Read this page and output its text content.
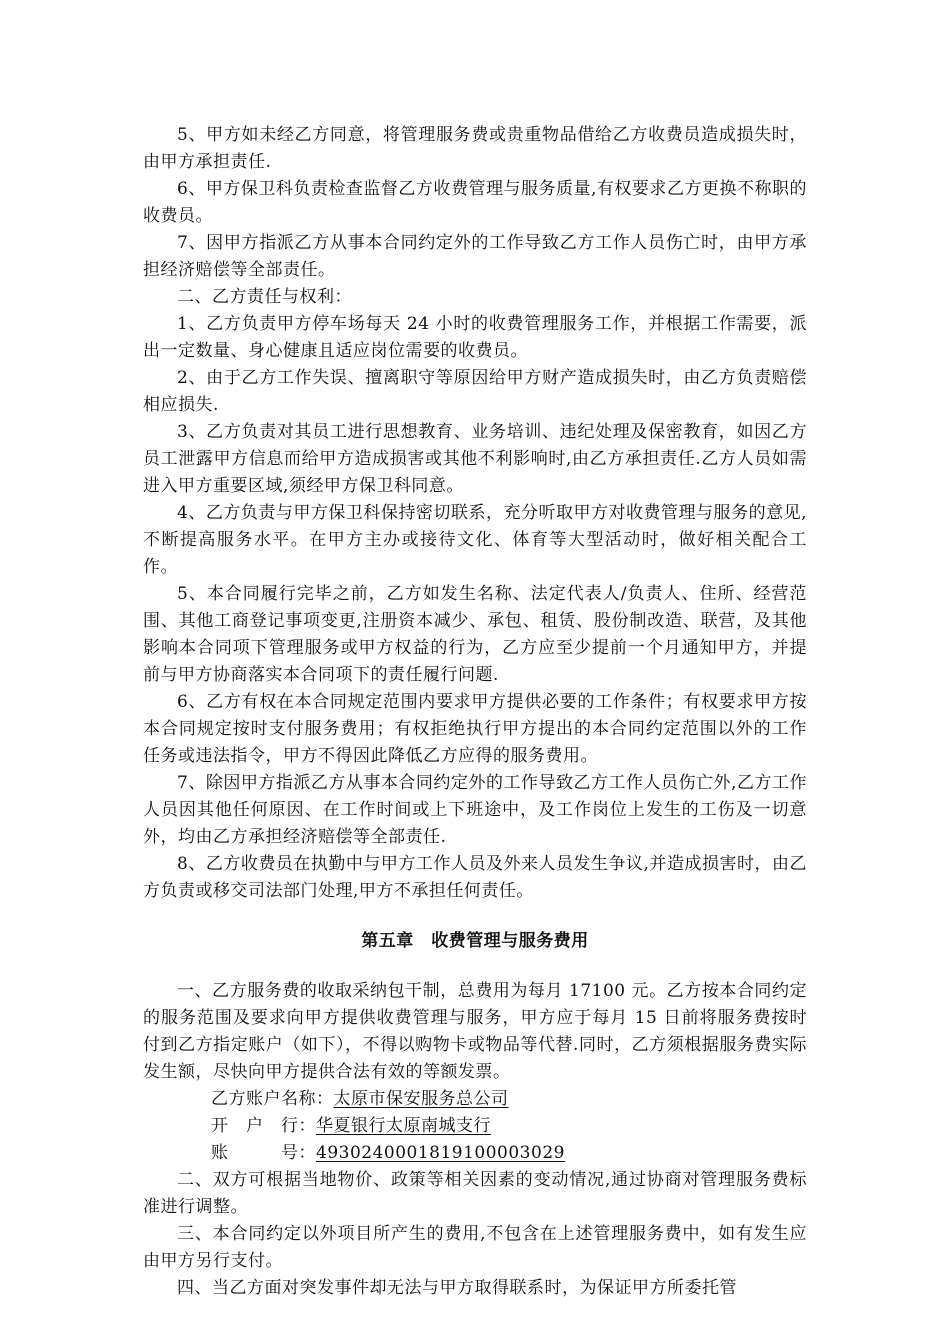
5、甲方如未经乙方同意，将管理服务费或贵重物品借给乙方收费员造成损失时，由甲方承担责任.

6、甲方保卫科负责检查监督乙方收费管理与服务质量,有权要求乙方更换不称职的收费员。

7、因甲方指派乙方从事本合同约定外的工作导致乙方工作人员伤亡时，由甲方承担经济赔偿等全部责任。

二、乙方责任与权利：

1、乙方负责甲方停车场每天 24 小时的收费管理服务工作，并根据工作需要，派出一定数量、身心健康且适应岗位需要的收费员。

2、由于乙方工作失误、擅离职守等原因给甲方财产造成损失时，由乙方负责赔偿相应损失.

3、乙方负责对其员工进行思想教育、业务培训、违纪处理及保密教育，如因乙方员工泄露甲方信息而给甲方造成损害或其他不利影响时,由乙方承担责任.乙方人员如需进入甲方重要区域,须经甲方保卫科同意。

4、乙方负责与甲方保卫科保持密切联系，充分听取甲方对收费管理与服务的意见,不断提高服务水平。在甲方主办或接待文化、体育等大型活动时，做好相关配合工作。

5、本合同履行完毕之前，乙方如发生名称、法定代表人/负责人、住所、经营范围、其他工商登记事项变更,注册资本减少、承包、租赁、股份制改造、联营，及其他影响本合同项下管理服务或甲方权益的行为，乙方应至少提前一个月通知甲方，并提前与甲方协商落实本合同项下的责任履行问题.

6、乙方有权在本合同规定范围内要求甲方提供必要的工作条件；有权要求甲方按本合同规定按时支付服务费用；有权拒绝执行甲方提出的本合同约定范围以外的工作任务或违法指令，甲方不得因此降低乙方应得的服务费用。

7、除因甲方指派乙方从事本合同约定外的工作导致乙方工作人员伤亡外,乙方工作人员因其他任何原因、在工作时间或上下班途中，及工作岗位上发生的工伤及一切意外，均由乙方承担经济赔偿等全部责任.

8、乙方收费员在执勤中与甲方工作人员及外来人员发生争议,并造成损害时，由乙方负责或移交司法部门处理,甲方不承担任何责任。

第五章　收费管理与服务费用

一、乙方服务费的收取采纳包干制，总费用为每月 17100 元。乙方按本合同约定的服务范围及要求向甲方提供收费管理与服务，甲方应于每月 15 日前将服务费按时付到乙方指定账户（如下），不得以购物卡或物品等代替.同时，乙方须根据服务费实际发生额，尽快向甲方提供合法有效的等额发票。

乙方账户名称：太原市保安服务总公司

开　户　行：华夏银行太原南城支行

账　　　号：4930240001819100003029

二、双方可根据当地物价、政策等相关因素的变动情况,通过协商对管理服务费标准进行调整。

三、本合同约定以外项目所产生的费用,不包含在上述管理服务费中，如有发生应由甲方另行支付。

四、当乙方面对突发事件却无法与甲方取得联系时，为保证甲方所委托管
